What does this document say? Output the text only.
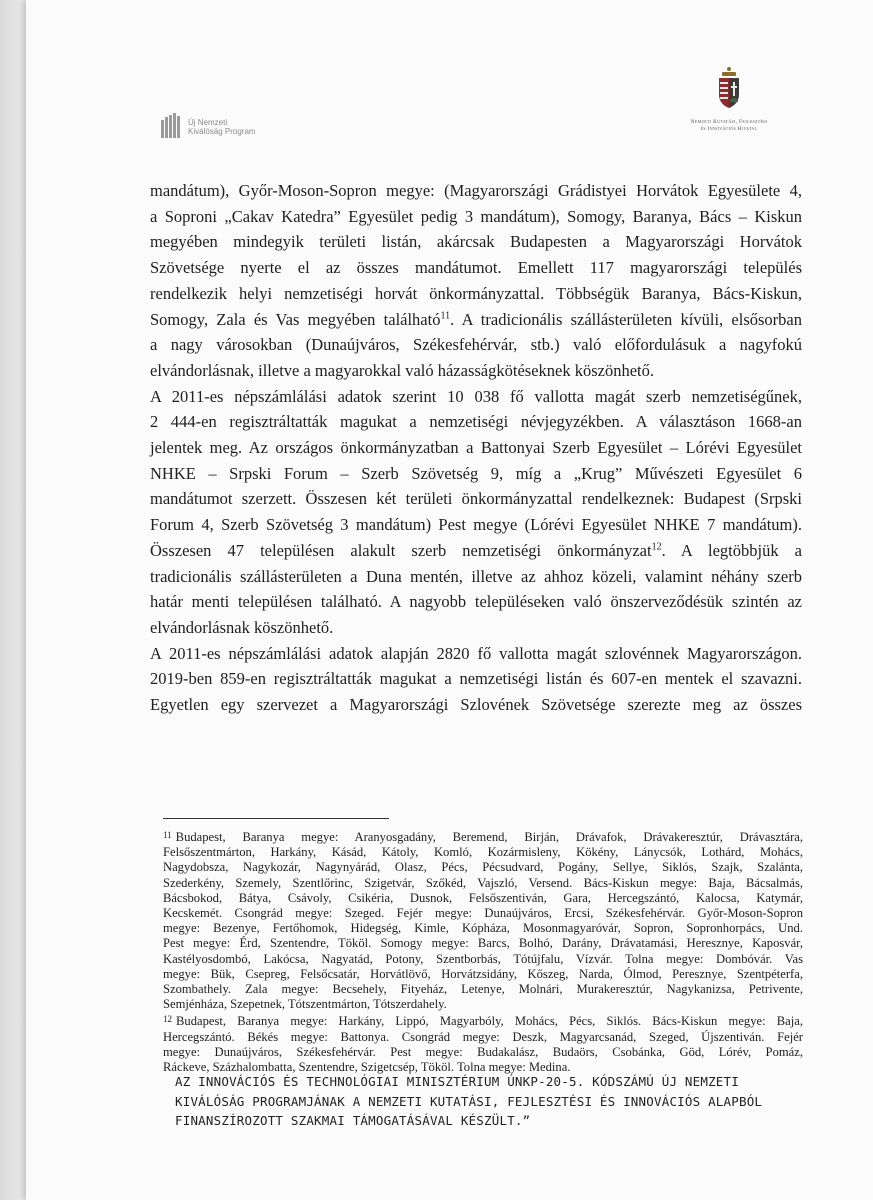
Új Nemzeti
Kiválóság Program
Nemzeti Kutatási, Fejlesztési
és Innovációs Hivatal
mandátum), Győr-Moson-Sopron megye: (Magyarországi Grádistyei Horvátok Egyesülete 4,
a Soproni „Cakav Katedra” Egyesület pedig 3 mandátum), Somogy, Baranya, Bács – Kiskun
megyében mindegyik területi listán, akárcsak Budapesten a Magyarországi Horvátok
Szövetsége nyerte el az összes mandátumot. Emellett 117 magyarországi település
rendelkezik helyi nemzetiségi horvát önkormányzattal. Többségük Baranya, Bács-Kiskun,
Somogy, Zala és Vas megyében található$^{11}$. A tradicionális szállásterületen kívüli, elsősorban
a nagy városokban (Dunaújváros, Székesfehérvár, stb.) való előfordulásuk a nagyfokú
elvándorlásnak, illetve a magyarokkal való házasságkötéseknek köszönhető.
A 2011-es népszámlálási adatok szerint 10 038 fő vallotta magát szerb nemzetiségűnek,
2 444-en regisztráltatták magukat a nemzetiségi névjegyzékben. A választáson 1668-an
jelentek meg. Az országos önkormányzatban a Battonyai Szerb Egyesület – Lórévi Egyesület
NHKE – Srpski Forum – Szerb Szövetség 9, míg a „Krug” Művészeti Egyesület 6
mandátumot szerzett. Összesen két területi önkormányzattal rendelkeznek: Budapest (Srpski
Forum 4, Szerb Szövetség 3 mandátum) Pest megye (Lórévi Egyesület NHKE 7 mandátum).
Összesen 47 településen alakult szerb nemzetiségi önkormányzat$^{12}$. A legtöbbjük a
tradicionális szállásterületen a Duna mentén, illetve az ahhoz közeli, valamint néhány szerb
határ menti településen található. A nagyobb településeken való önszerveződésük szintén az
elvándorlásnak köszönhető.
A 2011-es népszámlálási adatok alapján 2820 fő vallotta magát szlovénnek Magyarországon.
2019-ben 859-en regisztráltatták magukat a nemzetiségi listán és 607-en mentek el szavazni.
Egyetlen egy szervezet a Magyarországi Szlovének Szövetsége szerezte meg az összes
$^{11}$ Budapest, Baranya megye: Aranyosgadány, Beremend, Birján, Drávafok, Drávakeresztúr, Drávasztára,
Felsőszentmárton, Harkány, Kásád, Kátoly, Komló, Kozármisleny, Kökény, Lánycsók, Lothárd, Mohács,
Nagydobsza, Nagykozár, Nagynyárád, Olasz, Pécs, Pécsudvard, Pogány, Sellye, Siklós, Szajk, Szalánta,
Szederkény, Szemely, Szentlőrinc, Szigetvár, Szőkéd, Vajszló, Versend. Bács-Kiskun megye: Baja, Bácsalmás,
Bácsbokod, Bátya, Csávoly, Csikéria, Dusnok, Felsőszentiván, Gara, Hercegszántó, Kalocsa, Katymár,
Kecskemét. Csongrád megye: Szeged. Fejér megye: Dunaújváros, Ercsi, Székesfehérvár. Győr-Moson-Sopron
megye: Bezenye, Fertőhomok, Hidegség, Kimle, Kópháza, Mosonmagyaróvár, Sopron, Sopronhorpács, Und.
Pest megye: Érd, Szentendre, Tököl. Somogy megye: Barcs, Bolhó, Darány, Drávatamási, Heresznye, Kaposvár,
Kastélyosdombó, Lakócsa, Nagyatád, Potony, Szentborbás, Tótújfalu, Vízvár. Tolna megye: Dombóvár. Vas
megye: Bük, Csepreg, Felsőcsatár, Horvátlövő, Horvátzsidány, Kőszeg, Narda, Ólmod, Peresznye, Szentpéterfa,
Szombathely. Zala megye: Becsehely, Fityeház, Letenye, Molnári, Murakeresztúr, Nagykanizsa, Petrivente,
Semjénháza, Szepetnek, Tótszentmárton, Tótszerdahely.
$^{12}$ Budapest, Baranya megye: Harkány, Lippó, Magyarbóly, Mohács, Pécs, Siklós. Bács-Kiskun megye: Baja,
Hercegszántó. Békés megye: Battonya. Csongrád megye: Deszk, Magyarcsanád, Szeged, Újszentiván. Fejér
megye: Dunaújváros, Székesfehérvár. Pest megye: Budakalász, Budaörs, Csobánka, Göd, Lórév, Pomáz,
Ráckeve, Százhalombatta, Szentendre, Szigetcsép, Tököl. Tolna megye: Medina.
AZ INNOVÁCIÓS ÉS TECHNOLÓGIAI MINISZTÉRIUM ÚNKP-20-5. KÓDSZÁMÚ ÚJ NEMZETI
KIVÁLÓSÁG PROGRAMJÁNAK A NEMZETI KUTATÁSI, FEJLESZTÉSI ÉS INNOVÁCIÓS ALAPBÓL
FINANSZÍROZOTT SZAKMAI TÁMOGATÁSÁVAL KÉSZÜLT.”
